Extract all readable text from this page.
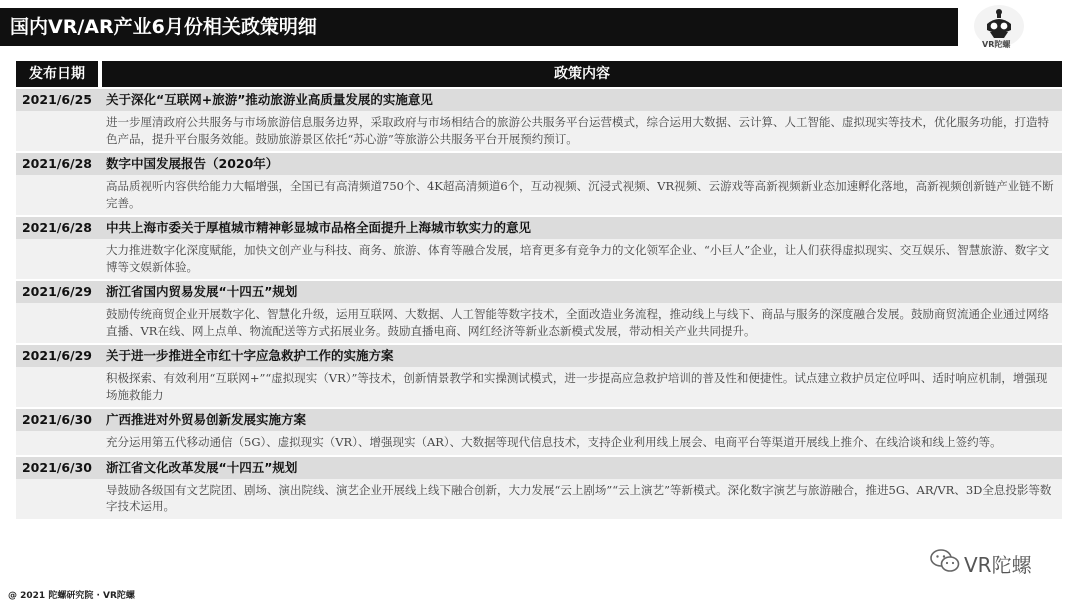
国内VR/AR产业6月份相关政策明细
VR陀螺
发布日期	政策内容
2021/6/25	关于深化“互联网+旅游”推动旅游业高质量发展的实施意见
进一步厘清政府公共服务与市场旅游信息服务边界，采取政府与市场相结合的旅游公共服务平台运营模式，综合运用大数据、云计算、人工智能、虚拟现实等技术，优化服务功能，打造特色产品，提升平台服务效能。鼓励旅游景区依托“苏心游”等旅游公共服务平台开展预约预订。
2021/6/28	数字中国发展报告（2020年）
高品质视听内容供给能力大幅增强，全国已有高清频道750个、4K超高清频道6个，互动视频、沉浸式视频、VR视频、云游戏等高新视频新业态加速孵化落地，高新视频创新链产业链不断完善。
2021/6/28	中共上海市委关于厚植城市精神彰显城市品格全面提升上海城市软实力的意见
大力推进数字化深度赋能，加快文创产业与科技、商务、旅游、体育等融合发展，培育更多有竞争力的文化领军企业、“小巨人”企业，让人们获得虚拟现实、交互娱乐、智慧旅游、数字文博等文娱新体验。
2021/6/29	浙江省国内贸易发展“十四五”规划
鼓励传统商贸企业开展数字化、智慧化升级，运用互联网、大数据、人工智能等数字技术，全面改造业务流程，推动线上与线下、商品与服务的深度融合发展。鼓励商贸流通企业通过网络直播、VR在线、网上点单、物流配送等方式拓展业务。鼓励直播电商、网红经济等新业态新模式发展，带动相关产业共同提升。
2021/6/29	关于进一步推进全市红十字应急救护工作的实施方案
积极探索、有效利用“互联网+”“虚拟现实（VR）”等技术，创新情景教学和实操测试模式，进一步提高应急救护培训的普及性和便捷性。试点建立救护员定位呼叫、适时响应机制，增强现场施救能力
2021/6/30	广西推进对外贸易创新发展实施方案
充分运用第五代移动通信（5G）、虚拟现实（VR）、增强现实（AR）、大数据等现代信息技术，支持企业利用线上展会、电商平台等渠道开展线上推介、在线洽谈和线上签约等。
2021/6/30	浙江省文化改革发展“十四五”规划
导鼓励各级国有文艺院团、剧场、演出院线、演艺企业开展线上线下融合创新，大力发展“云上剧场”“云上演艺”等新模式。深化数字演艺与旅游融合，推进5G、AR/VR、3D全息投影等数字技术运用。
@ 2021 陀螺研究院 · VR陀螺
VR陀螺
